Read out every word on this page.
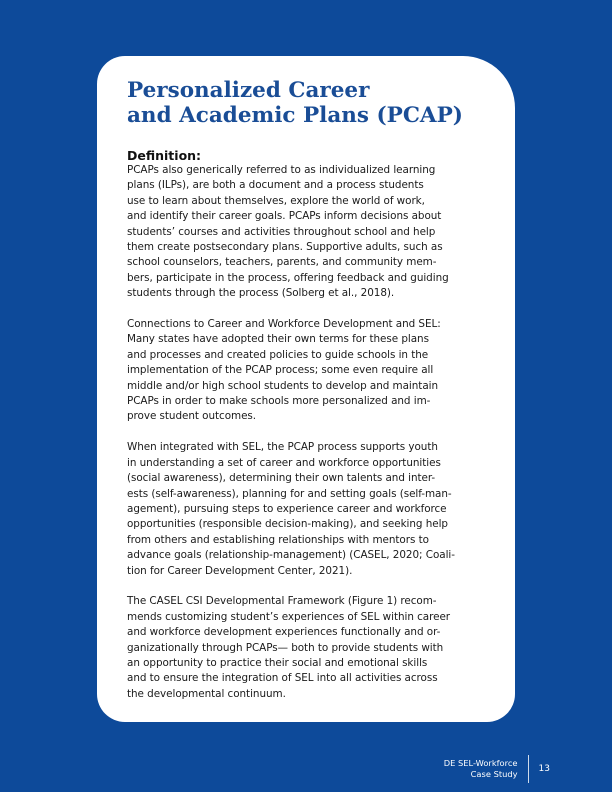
Personalized Career
and Academic Plans (PCAP)
Definition:

PCAPs also generically referred to as individualized learning
plans (ILPs), are both a document and a process students
use to learn about themselves, explore the world of work,
and identify their career goals. PCAPs inform decisions about
students’ courses and activities throughout school and help
them create postsecondary plans. Supportive adults, such as
school counselors, teachers, parents, and community mem-
bers, participate in the process, offering feedback and guiding
students through the process (Solberg et al., 2018).

Connections to Career and Workforce Development and SEL:
Many states have adopted their own terms for these plans
and processes and created policies to guide schools in the
implementation of the PCAP process; some even require all
middle and/or high school students to develop and maintain
PCAPs in order to make schools more personalized and im-
prove student outcomes.

When integrated with SEL, the PCAP process supports youth
in understanding a set of career and workforce opportunities
(social awareness), determining their own talents and inter-
ests (self-awareness), planning for and setting goals (self-man-
agement), pursuing steps to experience career and workforce
opportunities (responsible decision-making), and seeking help
from others and establishing relationships with mentors to
advance goals (relationship-management) (CASEL, 2020; Coali-
tion for Career Development Center, 2021).

The CASEL CSI Developmental Framework (Figure 1) recom-
mends customizing student’s experiences of SEL within career
and workforce development experiences functionally and or-
ganizationally through PCAPs— both to provide students with
an opportunity to practice their social and emotional skills
and to ensure the integration of SEL into all activities across
the developmental continuum.

DE SEL-Workforce
Case Study 13
